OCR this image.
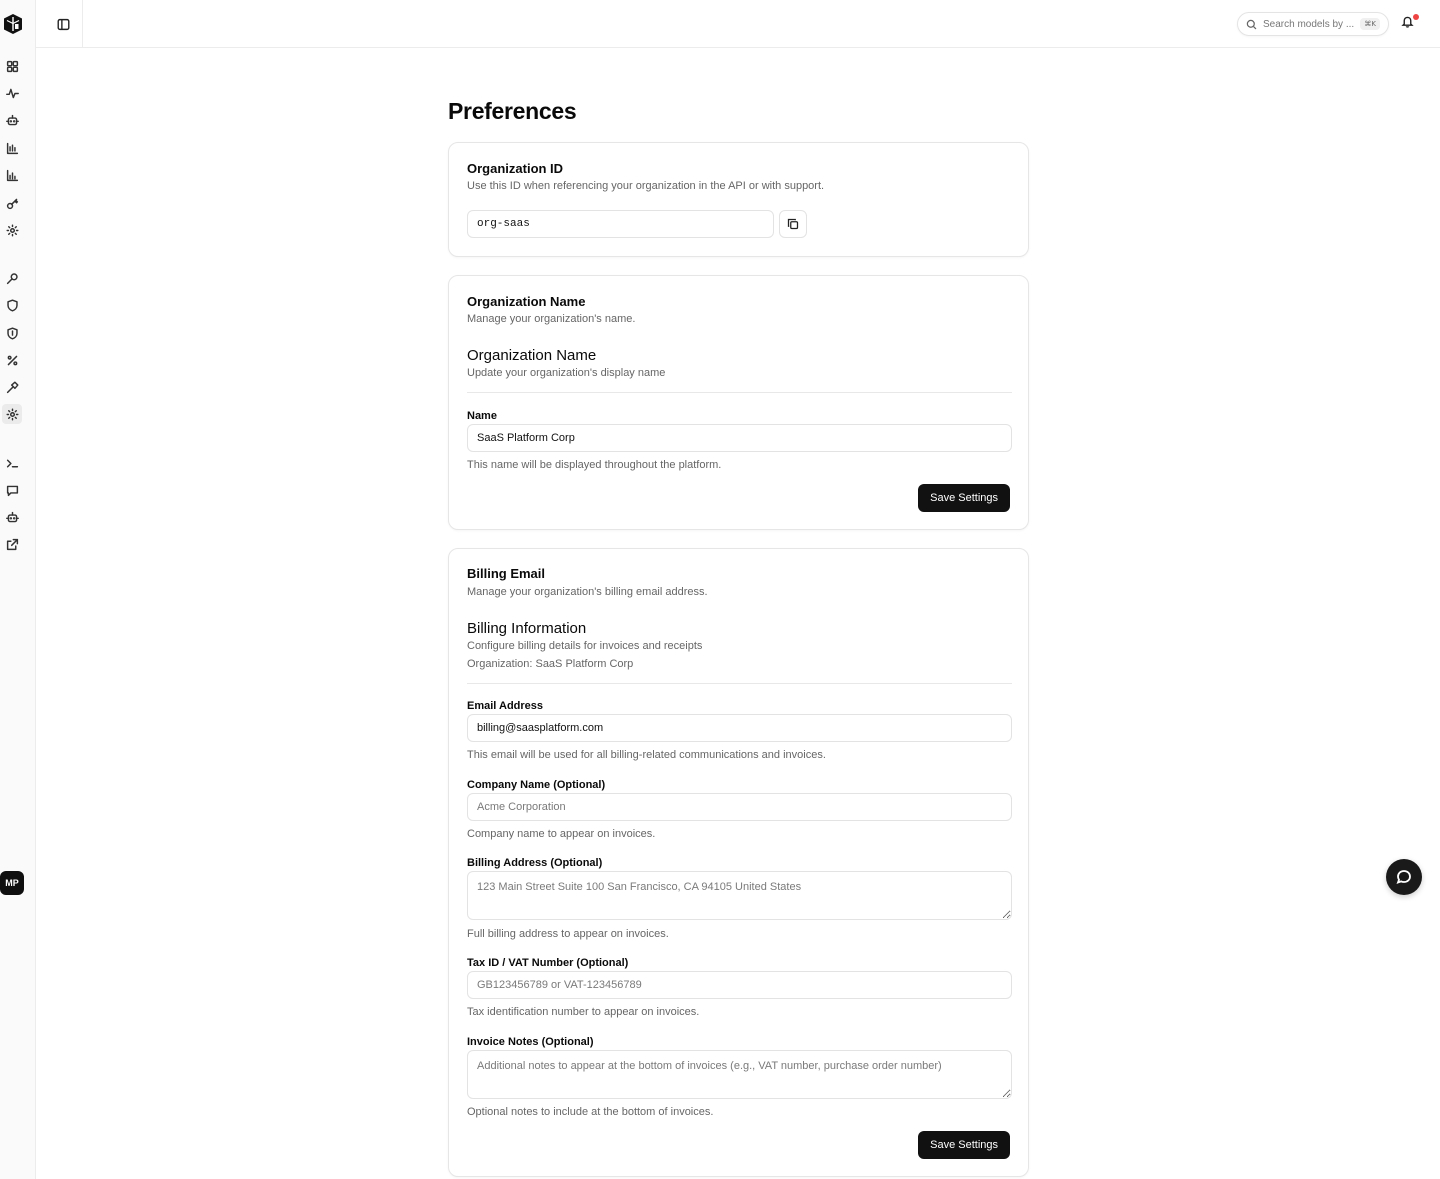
MP
Search models by ...	⌘K
Preferences
Organization ID
Use this ID when referencing your organization in the API or with support.
org-saas
Organization Name
Manage your organization's name.
Organization Name
Update your organization's display name
Name
SaaS Platform Corp
This name will be displayed throughout the platform.
Save Settings
Billing Email
Manage your organization's billing email address.
Billing Information
Configure billing details for invoices and receipts
Organization: SaaS Platform Corp
Email Address
billing@saasplatform.com
This email will be used for all billing-related communications and invoices.
Company Name (Optional)
Acme Corporation
Company name to appear on invoices.
Billing Address (Optional)
123 Main Street Suite 100 San Francisco, CA 94105 United States
Full billing address to appear on invoices.
Tax ID / VAT Number (Optional)
GB123456789 or VAT-123456789
Tax identification number to appear on invoices.
Invoice Notes (Optional)
Additional notes to appear at the bottom of invoices (e.g., VAT number, purchase order number)
Optional notes to include at the bottom of invoices.
Save Settings
